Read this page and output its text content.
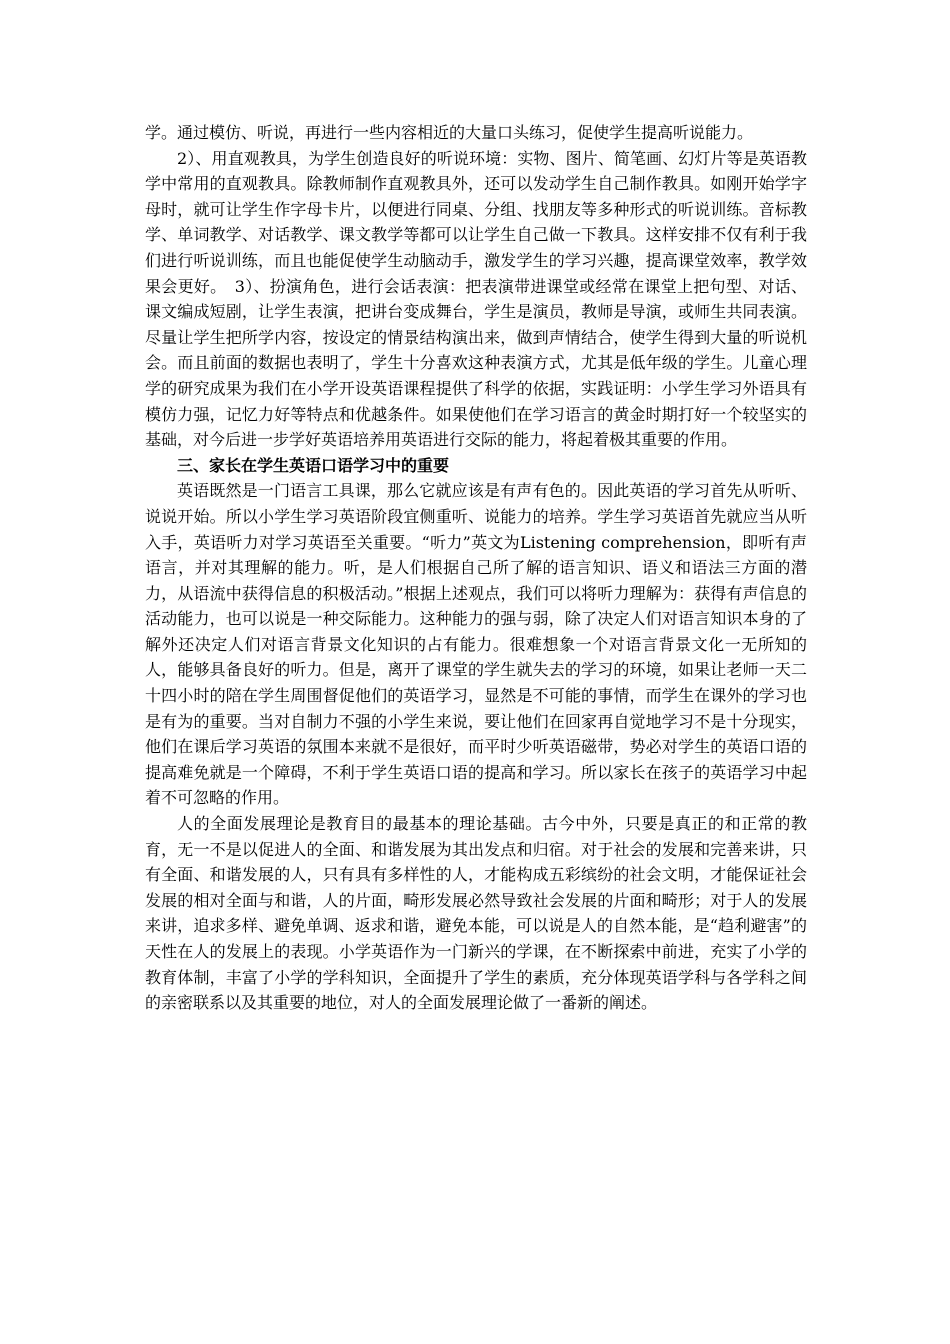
学。通过模仿、听说，再进行一些内容相近的大量口头练习，促使学生提高听说能力。

2）、用直观教具，为学生创造良好的听说环境：实物、图片、简笔画、幻灯片等是英语教学中常用的直观教具。除教师制作直观教具外，还可以发动学生自己制作教具。如刚开始学字母时，就可让学生作字母卡片，以便进行同桌、分组、找朋友等多种形式的听说训练。音标教学、单词教学、对话教学、课文教学等都可以让学生自己做一下教具。这样安排不仅有利于我们进行听说训练，而且也能促使学生动脑动手，激发学生的学习兴趣，提高课堂效率，教学效果会更好。　3）、扮演角色，进行会话表演：把表演带进课堂或经常在课堂上把句型、对话、课文编成短剧，让学生表演，把讲台变成舞台，学生是演员，教师是导演，或师生共同表演。尽量让学生把所学内容，按设定的情景结构演出来，做到声情结合，使学生得到大量的听说机会。而且前面的数据也表明了，学生十分喜欢这种表演方式，尤其是低年级的学生。儿童心理学的研究成果为我们在小学开设英语课程提供了科学的依据，实践证明：小学生学习外语具有模仿力强，记忆力好等特点和优越条件。如果使他们在学习语言的黄金时期打好一个较坚实的基础，对今后进一步学好英语培养用英语进行交际的能力，将起着极其重要的作用。

三、家长在学生英语口语学习中的重要

英语既然是一门语言工具课，那么它就应该是有声有色的。因此英语的学习首先从听听、说说开始。所以小学生学习英语阶段宜侧重听、说能力的培养。学生学习英语首先就应当从听入手，英语听力对学习英语至关重要。“听力”英文为Listening comprehension，即听有声语言，并对其理解的能力。听，是人们根据自己所了解的语言知识、语义和语法三方面的潜力，从语流中获得信息的积极活动。”根据上述观点，我们可以将听力理解为：获得有声信息的活动能力，也可以说是一种交际能力。这种能力的强与弱，除了决定人们对语言知识本身的了解外还决定人们对语言背景文化知识的占有能力。很难想象一个对语言背景文化一无所知的人，能够具备良好的听力。但是，离开了课堂的学生就失去的学习的环境，如果让老师一天二十四小时的陪在学生周围督促他们的英语学习，显然是不可能的事情，而学生在课外的学习也是有为的重要。当对自制力不强的小学生来说，要让他们在回家再自觉地学习不是十分现实，他们在课后学习英语的氛围本来就不是很好，而平时少听英语磁带，势必对学生的英语口语的提高难免就是一个障碍，不利于学生英语口语的提高和学习。所以家长在孩子的英语学习中起着不可忽略的作用。

人的全面发展理论是教育目的最基本的理论基础。古今中外，只要是真正的和正常的教育，无一不是以促进人的全面、和谐发展为其出发点和归宿。对于社会的发展和完善来讲，只有全面、和谐发展的人，只有具有多样性的人，才能构成五彩缤纷的社会文明，才能保证社会发展的相对全面与和谐，人的片面，畸形发展必然导致社会发展的片面和畸形；对于人的发展来讲，追求多样、避免单调、返求和谐，避免本能，可以说是人的自然本能，是“趋利避害”的天性在人的发展上的表现。小学英语作为一门新兴的学课，在不断探索中前进，充实了小学的教育体制，丰富了小学的学科知识，全面提升了学生的素质，充分体现英语学科与各学科之间的亲密联系以及其重要的地位，对人的全面发展理论做了一番新的阐述。
